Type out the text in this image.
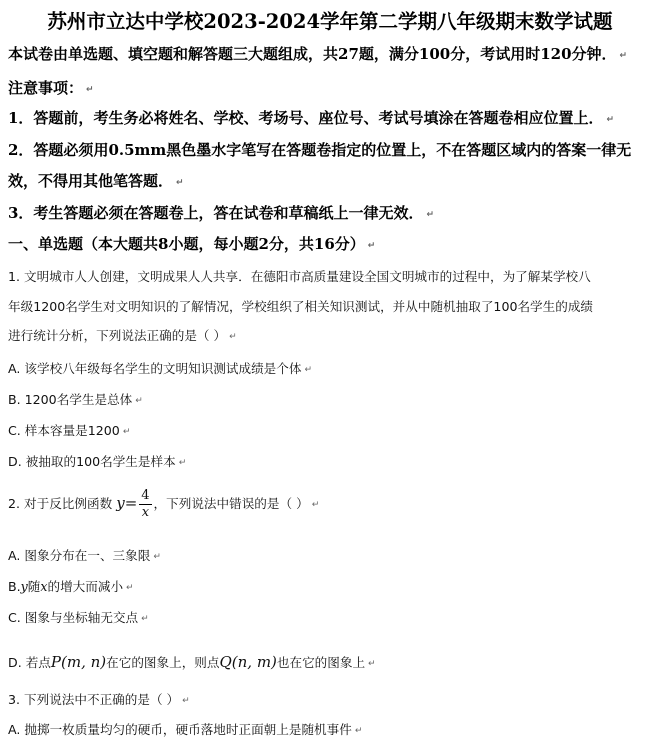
苏州市立达中学校2023-2024学年第二学期八年级期末数学试题
本试卷由单选题、填空题和解答题三大题组成，共27题，满分100分，考试用时120分钟． ↵
注意事项： ↵
1．答题前，考生务必将姓名、学校、考场号、座位号、考试号填涂在答题卷相应位置上． ↵
2．答题必须用0.5mm黑色墨水字笔写在答题卷指定的位置上，不在答题区域内的答案一律无
效，不得用其他笔答题． ↵
3．考生答题必须在答题卷上，答在试卷和草稿纸上一律无效． ↵
一、单选题（本大题共8小题，每小题2分，共16分） ↵
1. 文明城市人人创建，文明成果人人共享．在德阳市高质量建设全国文明城市的过程中，为了解某学校八
年级1200名学生对文明知识的了解情况，学校组织了相关知识测试，并从中随机抽取了100名学生的成绩
进行统计分析，下列说法正确的是（ ） ↵
A. 该学校八年级每名学生的文明知识测试成绩是个体 ↵
B. 1200名学生是总体 ↵
C. 样本容量是1200 ↵
D. 被抽取的100名学生是样本 ↵
2. 对于反比例函数 $y= \frac{4}{x}$ ，下列说法中错误的是（ ） ↵
A. 图象分布在一、三象限 ↵
B.y随x的增大而减小 ↵
C. 图象与坐标轴无交点 ↵
D. 若点P(m, n)在它的图象上，则点Q(n, m)也在它的图象上 ↵
3. 下列说法中不正确的是（ ） ↵
A. 抛掷一枚质量均匀的硬币，硬币落地时正面朝上是随机事件 ↵
